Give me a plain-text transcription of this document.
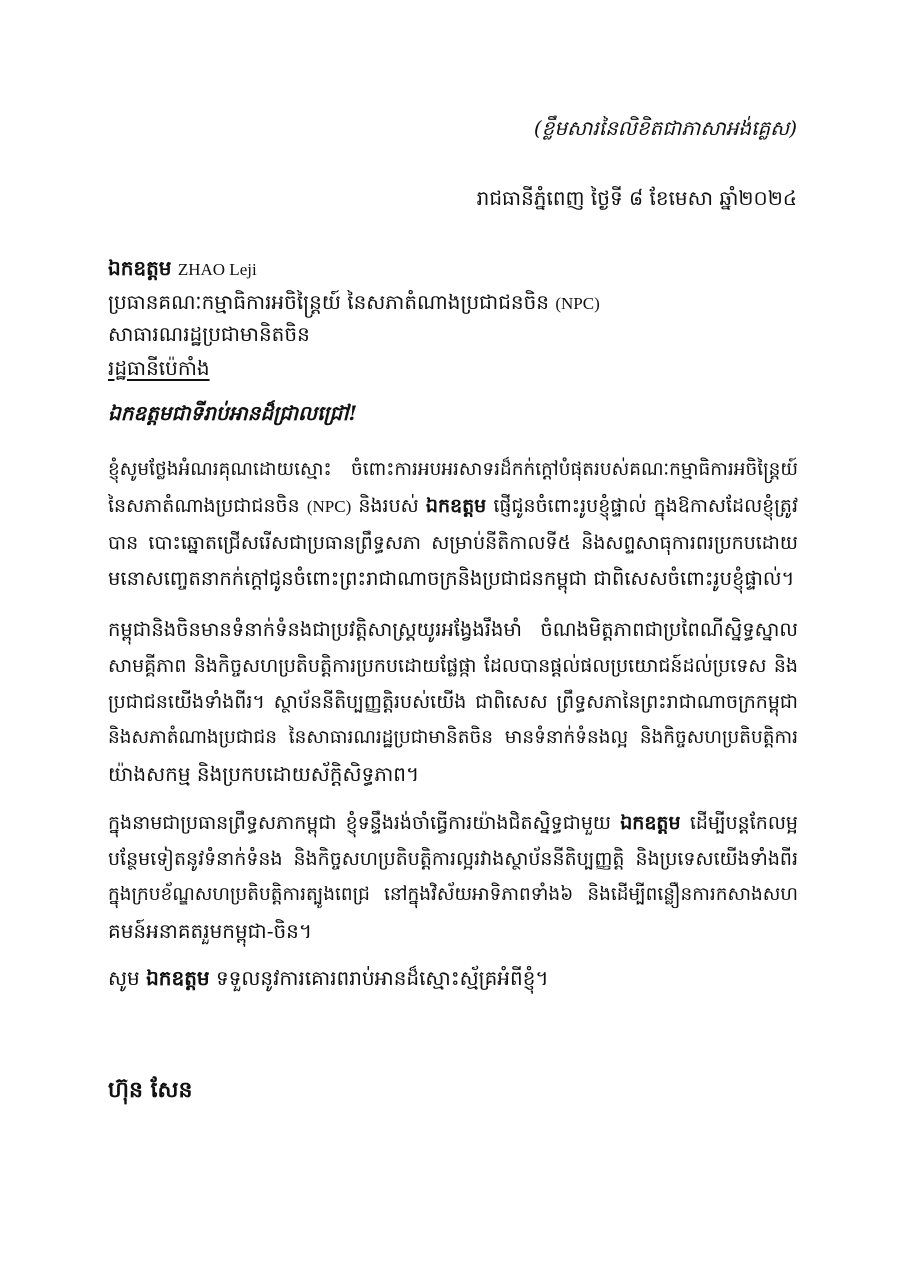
(ខ្លឹមសារនៃលិខិតជាភាសាអង់គ្លេស)
រាជធានីភ្នំពេញ ថ្ងៃទី ៨ ខែមេសា ឆ្នាំ២០២៤
ឯកឧត្តម ZHAO Leji
ប្រធានគណៈកម្មាធិការអចិន្ត្រៃយ៍ នៃសភាតំណាងប្រជាជនចិន (NPC)
សាធារណរដ្ឋប្រជាមានិតចិន
រដ្ឋធានីប៉េកាំង
ឯកឧត្តមជាទីរាប់អានដ៏ជ្រាលជ្រៅ!
ខ្ញុំសូមថ្លែងអំណរគុណដោយស្មោះ ចំពោះការអបអរសាទរដ៏កក់ក្តៅបំផុតរបស់គណៈកម្មាធិការអចិន្ត្រៃយ៍
នៃសភាតំណាងប្រជាជនចិន (NPC) និងរបស់ ឯកឧត្តម ផ្ញើជូនចំពោះរូបខ្ញុំផ្ទាល់ ក្នុងឱកាសដែលខ្ញុំត្រូវ
បាន បោះឆ្នោតជ្រើសរើសជាប្រធានព្រឹទ្ធសភា សម្រាប់នីតិកាលទី៥ និងសព្ទសាធុការពរប្រកបដោយ
មនោសញ្ចេតនាកក់ក្តៅជូនចំពោះព្រះរាជាណាចក្រនិងប្រជាជនកម្ពុជា ជាពិសេសចំពោះរូបខ្ញុំផ្ទាល់។
កម្ពុជានិងចិនមានទំនាក់ទំនងជាប្រវត្តិសាស្ត្រយូរអង្វែងរឹងមាំ ចំណងមិត្តភាពជាប្រពៃណីស្និទ្ធស្នាល
សាមគ្គីភាព និងកិច្ចសហប្រតិបត្តិការប្រកបដោយផ្លែផ្កា ដែលបានផ្តល់ផលប្រយោជន៍ដល់ប្រទេស និង
ប្រជាជនយើងទាំងពីរ។ ស្ថាប័ននីតិប្បញ្ញត្តិរបស់យើង ជាពិសេស ព្រឹទ្ធសភានៃព្រះរាជាណាចក្រកម្ពុជា
និងសភាតំណាងប្រជាជន នៃសាធារណរដ្ឋប្រជាមានិតចិន មានទំនាក់ទំនងល្អ និងកិច្ចសហប្រតិបត្តិការ
យ៉ាងសកម្ម និងប្រកបដោយស័ក្តិសិទ្ធភាព។
ក្នុងនាមជាប្រធានព្រឹទ្ធសភាកម្ពុជា ខ្ញុំទន្ទឹងរង់ចាំធ្វើការយ៉ាងជិតស្និទ្ធជាមួយ ឯកឧត្តម ដើម្បីបន្តកែលម្អ
បន្ថែមទៀតនូវទំនាក់ទំនង និងកិច្ចសហប្រតិបត្តិការល្អរវាងស្ថាប័ននីតិប្បញ្ញត្តិ និងប្រទេសយើងទាំងពីរ
ក្នុងក្របខ័ណ្ឌសហប្រតិបត្តិការត្បូងពេជ្រ នៅក្នុងវិស័យអាទិភាពទាំង៦ និងដើម្បីពន្លឿនការកសាងសហ
គមន៍អនាគតរួមកម្ពុជា-ចិន។
សូម ឯកឧត្តម ទទួលនូវការគោរពរាប់អានដ៏ស្មោះស្ម័គ្រអំពីខ្ញុំ។
ហ៊ុន សែន
